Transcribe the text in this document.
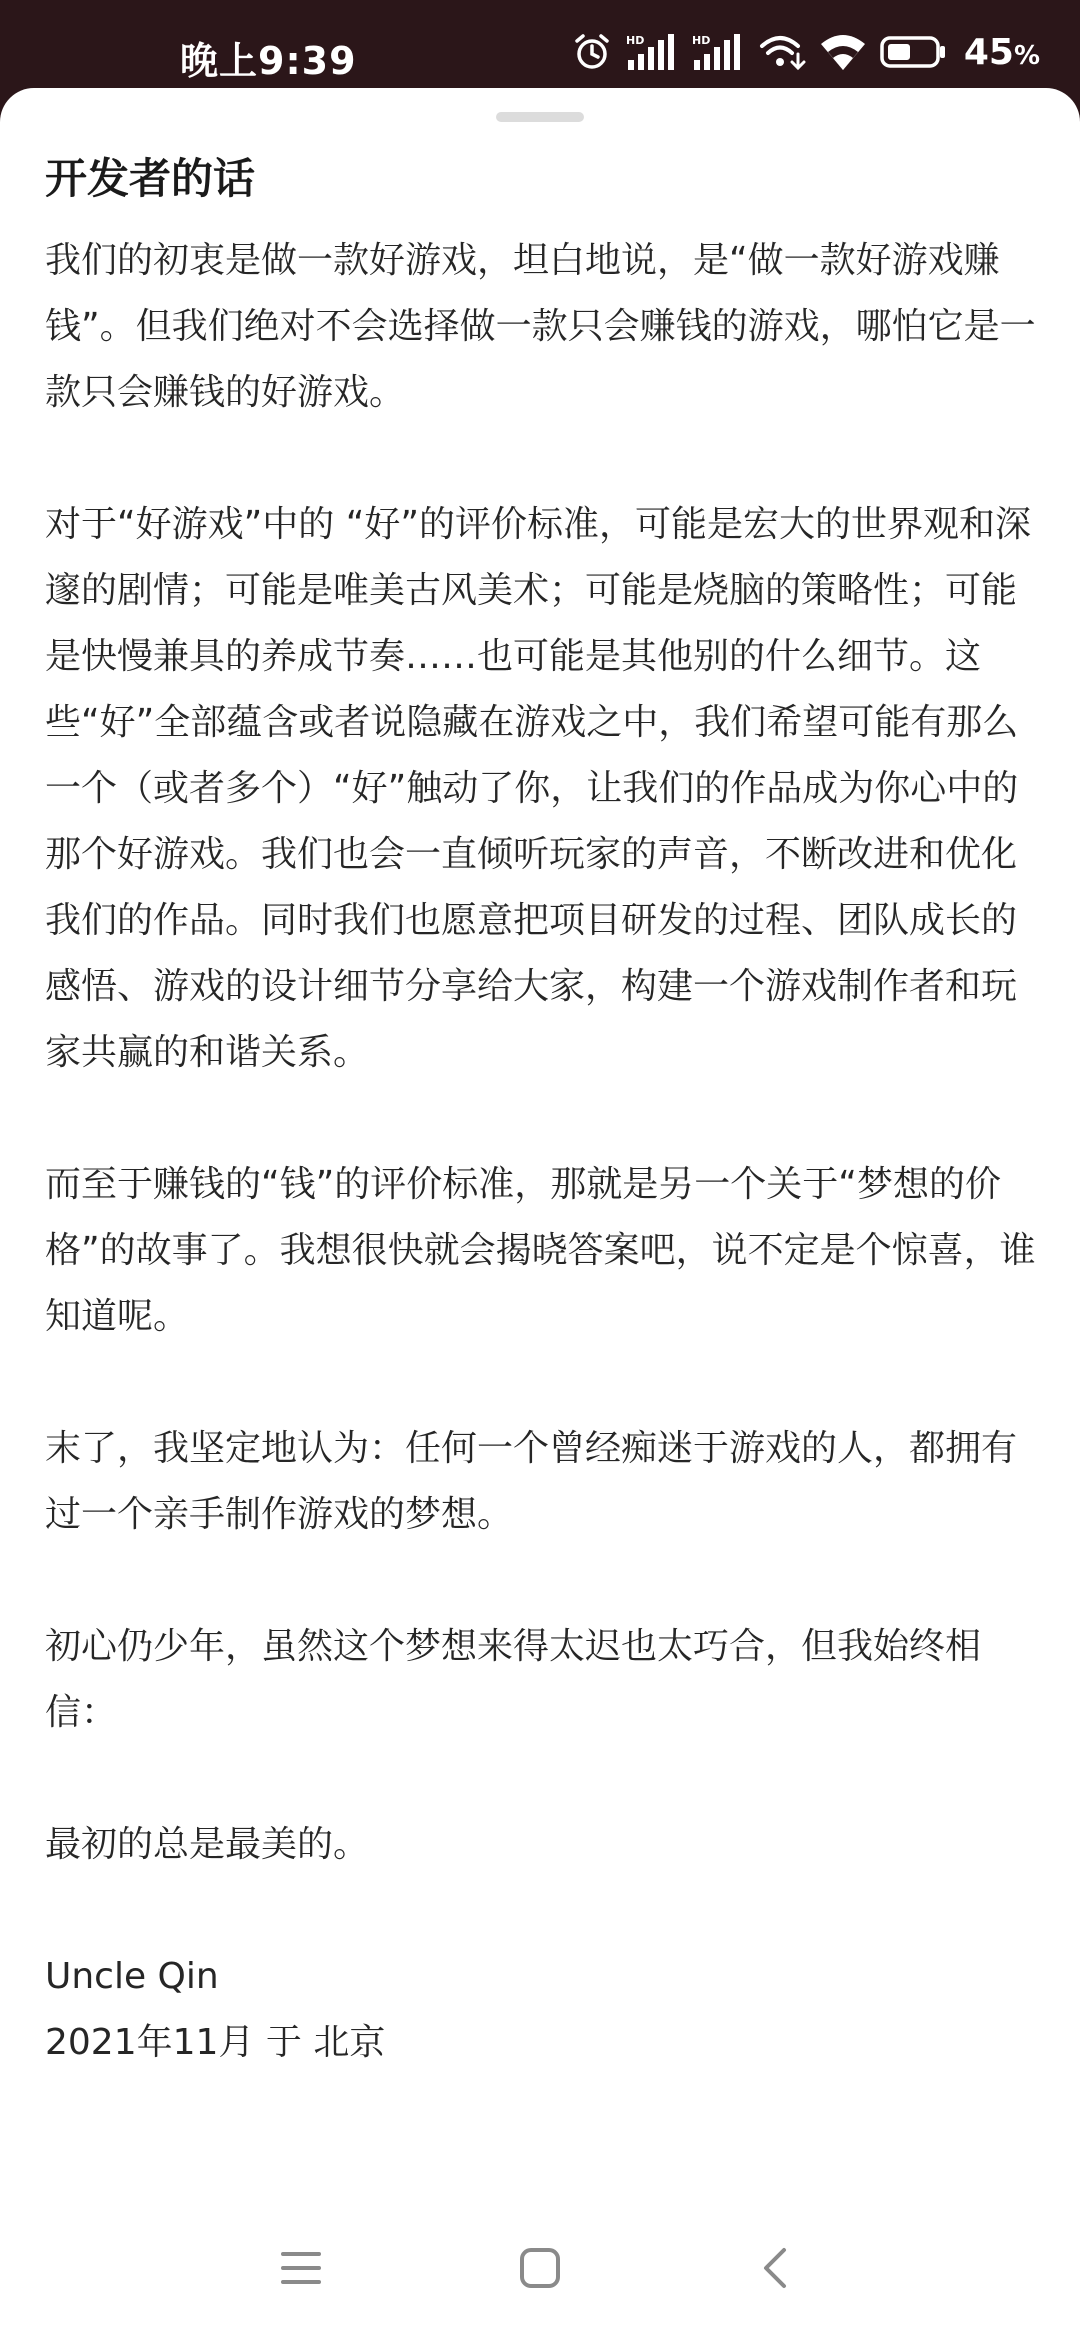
晚上9:39	HD	HD	45%
开发者的话

我们的初衷是做一款好游戏，坦白地说，是“做一款好游戏赚钱”。但我们绝对不会选择做一款只会赚钱的游戏，哪怕它是一款只会赚钱的好游戏。

对于“好游戏”中的 “好”的评价标准，可能是宏大的世界观和深邃的剧情；可能是唯美古风美术；可能是烧脑的策略性；可能是快慢兼具的养成节奏……也可能是其他别的什么细节。这些“好”全部蕴含或者说隐藏在游戏之中，我们希望可能有那么一个（或者多个）“好”触动了你，让我们的作品成为你心中的那个好游戏。我们也会一直倾听玩家的声音，不断改进和优化我们的作品。同时我们也愿意把项目研发的过程、团队成长的感悟、游戏的设计细节分享给大家，构建一个游戏制作者和玩家共赢的和谐关系。

而至于赚钱的“钱”的评价标准，那就是另一个关于“梦想的价格”的故事了。我想很快就会揭晓答案吧，说不定是个惊喜，谁知道呢。

末了，我坚定地认为：任何一个曾经痴迷于游戏的人，都拥有过一个亲手制作游戏的梦想。

初心仍少年，虽然这个梦想来得太迟也太巧合，但我始终相信：

最初的总是最美的。

Uncle Qin

2021年11月 于 北京
